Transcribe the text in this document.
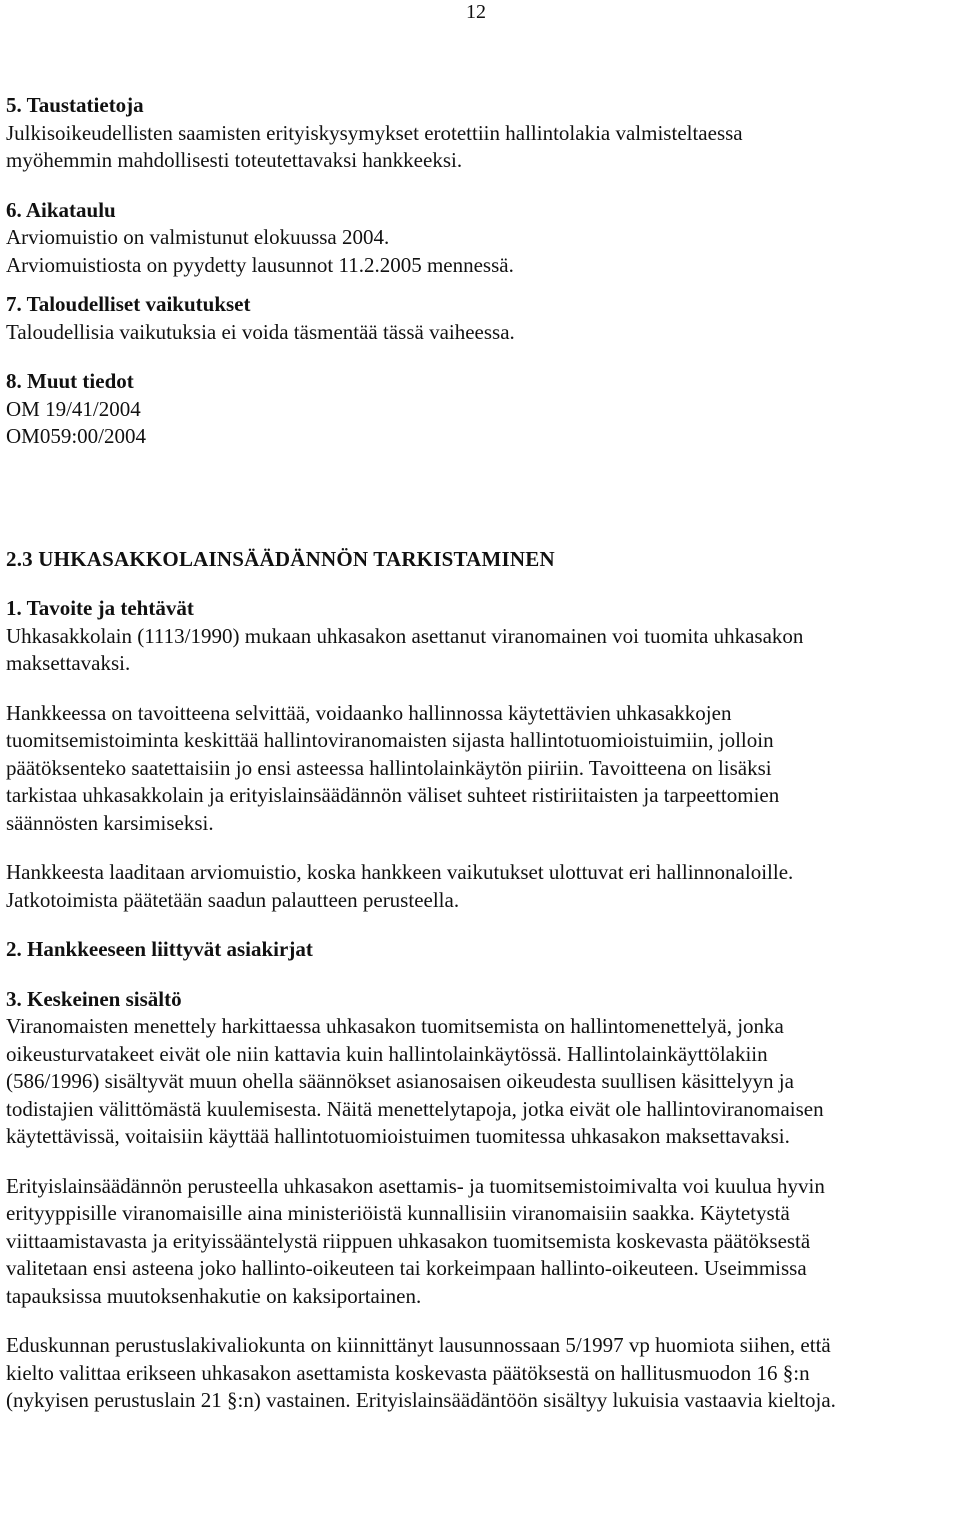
12
5. Taustatietoja

Julkisoikeudellisten saamisten erityiskysymykset erotettiin hallintolakia valmisteltaessa

myöhemmin mahdollisesti toteutettavaksi hankkeeksi.

6. Aikataulu

Arviomuistio on valmistunut elokuussa 2004.

Arviomuistiosta on pyydetty lausunnot 11.2.2005 mennessä.

7. Taloudelliset vaikutukset

Taloudellisia vaikutuksia ei voida täsmentää tässä vaiheessa.

8. Muut tiedot

OM 19/41/2004

OM059:00/2004

2.3 UHKASAKKOLAINSÄÄDÄNNÖN TARKISTAMINEN
1. Tavoite ja tehtävät

Uhkasakkolain (1113/1990) mukaan uhkasakon asettanut viranomainen voi tuomita uhkasakon

maksettavaksi.

Hankkeessa on tavoitteena selvittää, voidaanko hallinnossa käytettävien uhkasakkojen

tuomitsemistoiminta keskittää hallintoviranomaisten sijasta hallintotuomioistuimiin, jolloin

päätöksenteko saatettaisiin jo ensi asteessa hallintolainkäytön piiriin. Tavoitteena on lisäksi

tarkistaa uhkasakkolain ja erityislainsäädännön väliset suhteet ristiriitaisten ja tarpeettomien

säännösten karsimiseksi.

Hankkeesta laaditaan arviomuistio, koska hankkeen vaikutukset ulottuvat eri hallinnonaloille.

Jatkotoimista päätetään saadun palautteen perusteella.

2. Hankkeeseen liittyvät asiakirjat
3. Keskeinen sisältö

Viranomaisten menettely harkittaessa uhkasakon tuomitsemista on hallintomenettelyä, jonka

oikeusturvatakeet eivät ole niin kattavia kuin hallintolainkäytössä. Hallintolainkäyttölakiin

(586/1996) sisältyvät muun ohella säännökset asianosaisen oikeudesta suullisen käsittelyyn ja

todistajien välittömästä kuulemisesta. Näitä menettelytapoja, jotka eivät ole hallintoviranomaisen

käytettävissä, voitaisiin käyttää hallintotuomioistuimen tuomitessa uhkasakon maksettavaksi.

Erityislainsäädännön perusteella uhkasakon asettamis- ja tuomitsemistoimivalta voi kuulua hyvin

erityyppisille viranomaisille aina ministeriöistä kunnallisiin viranomaisiin saakka. Käytetystä

viittaamistavasta ja erityissääntelystä riippuen uhkasakon tuomitsemista koskevasta päätöksestä

valitetaan ensi asteena joko hallinto-oikeuteen tai korkeimpaan hallinto-oikeuteen. Useimmissa

tapauksissa muutoksenhakutie on kaksiportainen.

Eduskunnan perustuslakivaliokunta on kiinnittänyt lausunnossaan 5/1997 vp huomiota siihen, että

kielto valittaa erikseen uhkasakon asettamista koskevasta päätöksestä on hallitusmuodon 16 §:n

(nykyisen perustuslain 21 §:n) vastainen. Erityislainsäädäntöön sisältyy lukuisia vastaavia kieltoja.
